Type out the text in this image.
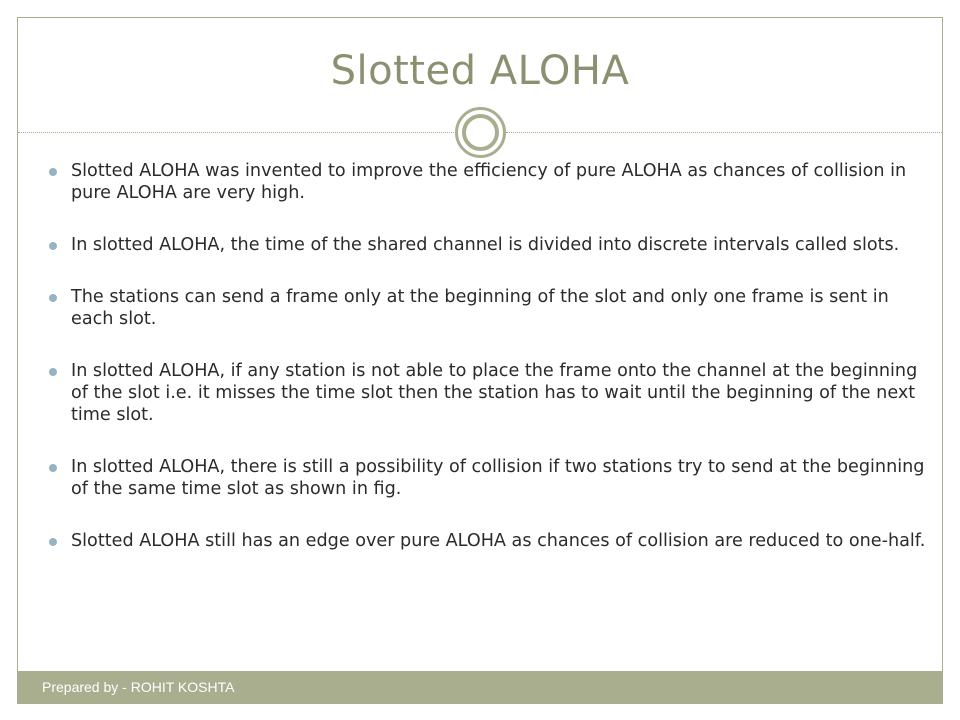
Slotted ALOHA
Slotted ALOHA was invented to improve the efficiency of pure ALOHA as chances of collision in pure ALOHA are very high.
In slotted ALOHA, the time of the shared channel is divided into discrete intervals called slots.
The stations can send a frame only at the beginning of the slot and only one frame is sent in each slot.
In slotted ALOHA, if any station is not able to place the frame onto the channel at the beginning of the slot i.e. it misses the time slot then the station has to wait until the beginning of the next time slot.
In slotted ALOHA, there is still a possibility of collision if two stations try to send at the beginning of the same time slot as shown in fig.
Slotted ALOHA still has an edge over pure ALOHA as chances of collision are reduced to one-half.
Prepared by - ROHIT KOSHTA
